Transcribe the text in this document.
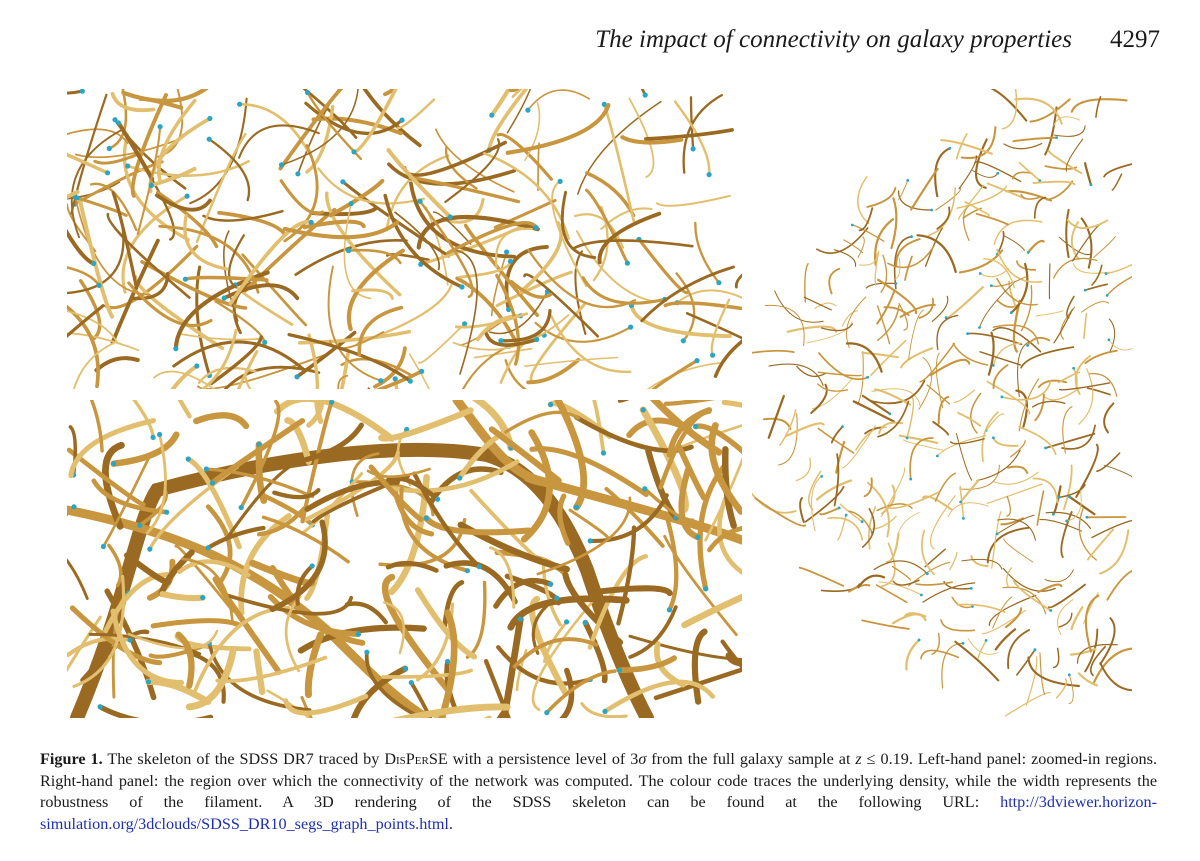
The impact of connectivity on galaxy properties 4297
Figure 1. The skeleton of the SDSS DR7 traced by DisPerSE with a persistence level of 3σ from the full galaxy sample at z ≤ 0.19. Left-hand panel: zoomed-in regions. Right-hand panel: the region over which the connectivity of the network was computed. The colour code traces the underlying density, while the width represents the robustness of the filament. A 3D rendering of the SDSS skeleton can be found at the following URL: http://3dviewer.horizon-simulation.org/3dclouds/SDSS_DR10_segs_graph_points.html.
